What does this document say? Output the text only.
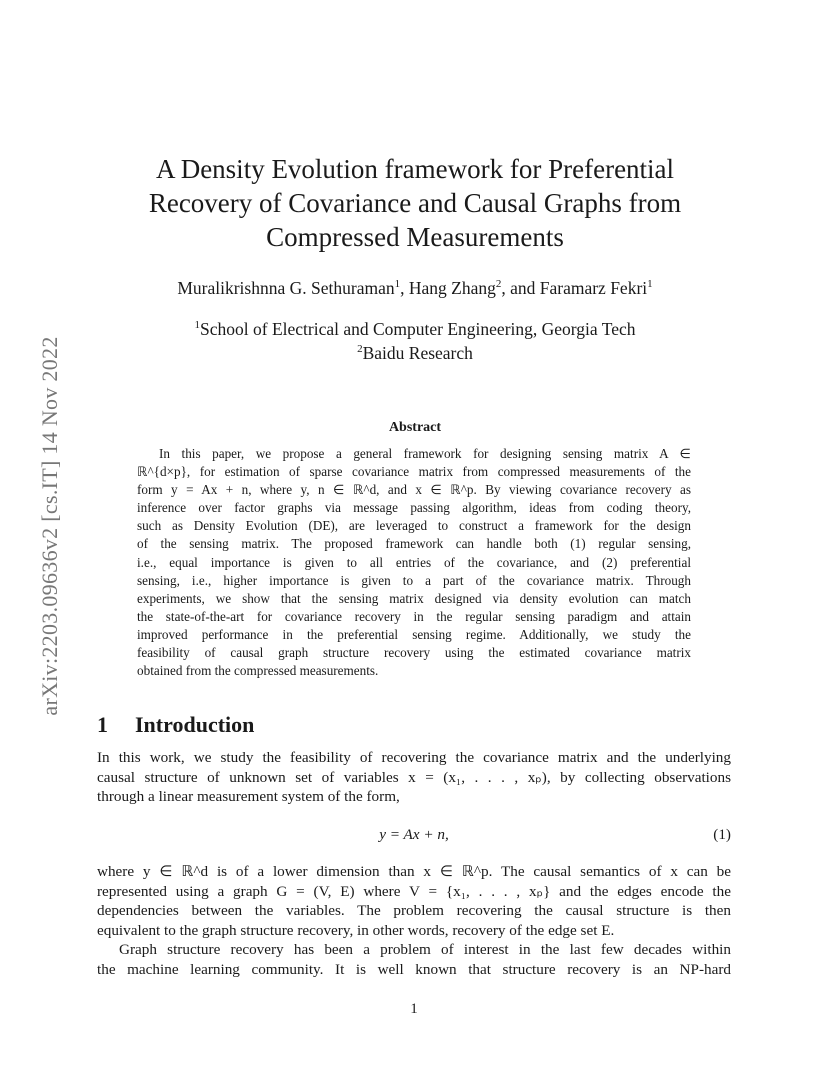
arXiv:2203.09636v2 [cs.IT] 14 Nov 2022
A Density Evolution framework for Preferential
Recovery of Covariance and Causal Graphs from
Compressed Measurements
Muralikrishnna G. Sethuraman$^1$, Hang Zhang$^2$, and Faramarz Fekri$^1$
$^1$School of Electrical and Computer Engineering, Georgia Tech
$^2$Baidu Research
Abstract
In this paper, we propose a general framework for designing sensing matrix A ∈
ℝ^{d×p}, for estimation of sparse covariance matrix from compressed measurements of the
form y = Ax + n, where y, n ∈ ℝ^d, and x ∈ ℝ^p. By viewing covariance recovery as
inference over factor graphs via message passing algorithm, ideas from coding theory,
such as Density Evolution (DE), are leveraged to construct a framework for the design
of the sensing matrix. The proposed framework can handle both (1) regular sensing,
i.e., equal importance is given to all entries of the covariance, and (2) preferential
sensing, i.e., higher importance is given to a part of the covariance matrix. Through
experiments, we show that the sensing matrix designed via density evolution can match
the state-of-the-art for covariance recovery in the regular sensing paradigm and attain
improved performance in the preferential sensing regime. Additionally, we study the
feasibility of causal graph structure recovery using the estimated covariance matrix
obtained from the compressed measurements.
1 Introduction
In this work, we study the feasibility of recovering the covariance matrix and the underlying
causal structure of unknown set of variables x = (x₁, . . . , xₚ), by collecting observations
through a linear measurement system of the form,
y = Ax + n,	(1)
where y ∈ ℝ^d is of a lower dimension than x ∈ ℝ^p. The causal semantics of x can be
represented using a graph G = (V, E) where V = {x₁, . . . , xₚ} and the edges encode the
dependencies between the variables. The problem recovering the causal structure is then
equivalent to the graph structure recovery, in other words, recovery of the edge set E.
Graph structure recovery has been a problem of interest in the last few decades within
the machine learning community. It is well known that structure recovery is an NP-hard
1
